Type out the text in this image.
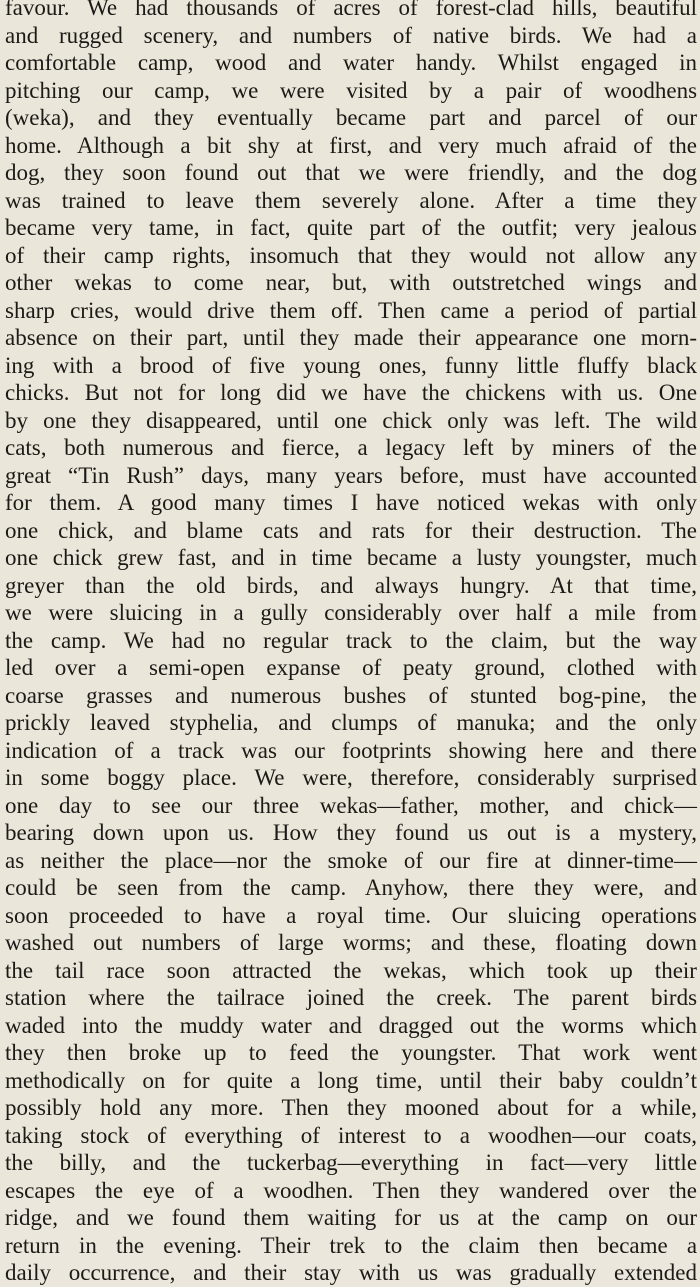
favour. We had thousands of acres of forest-clad hills, beautiful
and rugged scenery, and numbers of native birds. We had a
comfortable camp, wood and water handy. Whilst engaged in
pitching our camp, we were visited by a pair of woodhens
(weka), and they eventually became part and parcel of our
home. Although a bit shy at first, and very much afraid of the
dog, they soon found out that we were friendly, and the dog
was trained to leave them severely alone. After a time they
became very tame, in fact, quite part of the outfit; very jealous
of their camp rights, insomuch that they would not allow any
other wekas to come near, but, with outstretched wings and
sharp cries, would drive them off. Then came a period of partial
absence on their part, until they made their appearance one morn-
ing with a brood of five young ones, funny little fluffy black
chicks. But not for long did we have the chickens with us. One
by one they disappeared, until one chick only was left. The wild
cats, both numerous and fierce, a legacy left by miners of the
great “Tin Rush” days, many years before, must have accounted
for them. A good many times I have noticed wekas with only
one chick, and blame cats and rats for their destruction. The
one chick grew fast, and in time became a lusty youngster, much
greyer than the old birds, and always hungry. At that time,
we were sluicing in a gully considerably over half a mile from
the camp. We had no regular track to the claim, but the way
led over a semi-open expanse of peaty ground, clothed with
coarse grasses and numerous bushes of stunted bog-pine, the
prickly leaved styphelia, and clumps of manuka; and the only
indication of a track was our footprints showing here and there
in some boggy place. We were, therefore, considerably surprised
one day to see our three wekas—father, mother, and chick—
bearing down upon us. How they found us out is a mystery,
as neither the place—nor the smoke of our fire at dinner-time—
could be seen from the camp. Anyhow, there they were, and
soon proceeded to have a royal time. Our sluicing operations
washed out numbers of large worms; and these, floating down
the tail race soon attracted the wekas, which took up their
station where the tailrace joined the creek. The parent birds
waded into the muddy water and dragged out the worms which
they then broke up to feed the youngster. That work went
methodically on for quite a long time, until their baby couldn’t
possibly hold any more. Then they mooned about for a while,
taking stock of everything of interest to a woodhen—our coats,
the billy, and the tuckerbag—everything in fact—very little
escapes the eye of a woodhen. Then they wandered over the
ridge, and we found them waiting for us at the camp on our
return in the evening. Their trek to the claim then became a
daily occurrence, and their stay with us was gradually extended
